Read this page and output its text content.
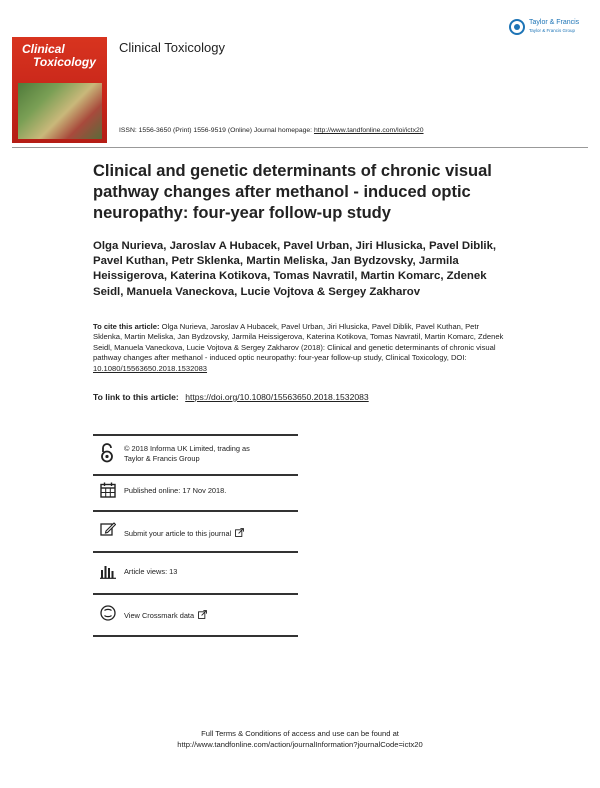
Clinical
Toxicology
Clinical Toxicology
Taylor & Francis
Taylor & Francis Group
ISSN: 1556-3650 (Print) 1556-9519 (Online) Journal homepage: http://www.tandfonline.com/loi/ictx20
Clinical and genetic determinants of chronic visual pathway changes after methanol - induced optic neuropathy: four-year follow-up study
Olga Nurieva, Jaroslav A Hubacek, Pavel Urban, Jiri Hlusicka, Pavel Diblik, Pavel Kuthan, Petr Sklenka, Martin Meliska, Jan Bydzovsky, Jarmila Heissigerova, Katerina Kotikova, Tomas Navratil, Martin Komarc, Zdenek Seidl, Manuela Vaneckova, Lucie Vojtova & Sergey Zakharov
To cite this article: Olga Nurieva, Jaroslav A Hubacek, Pavel Urban, Jiri Hlusicka, Pavel Diblik, Pavel Kuthan, Petr Sklenka, Martin Meliska, Jan Bydzovsky, Jarmila Heissigerova, Katerina Kotikova, Tomas Navratil, Martin Komarc, Zdenek Seidl, Manuela Vaneckova, Lucie Vojtova & Sergey Zakharov (2018): Clinical and genetic determinants of chronic visual pathway changes after methanol - induced optic neuropathy: four-year follow-up study, Clinical Toxicology, DOI: 10.1080/15563650.2018.1532083
To link to this article: https://doi.org/10.1080/15563650.2018.1532083
© 2018 Informa UK Limited, trading as
Taylor & Francis Group
Published online: 17 Nov 2018.
Submit your article to this journal
Article views: 13
View Crossmark data
Full Terms & Conditions of access and use can be found at
http://www.tandfonline.com/action/journalInformation?journalCode=ictx20
